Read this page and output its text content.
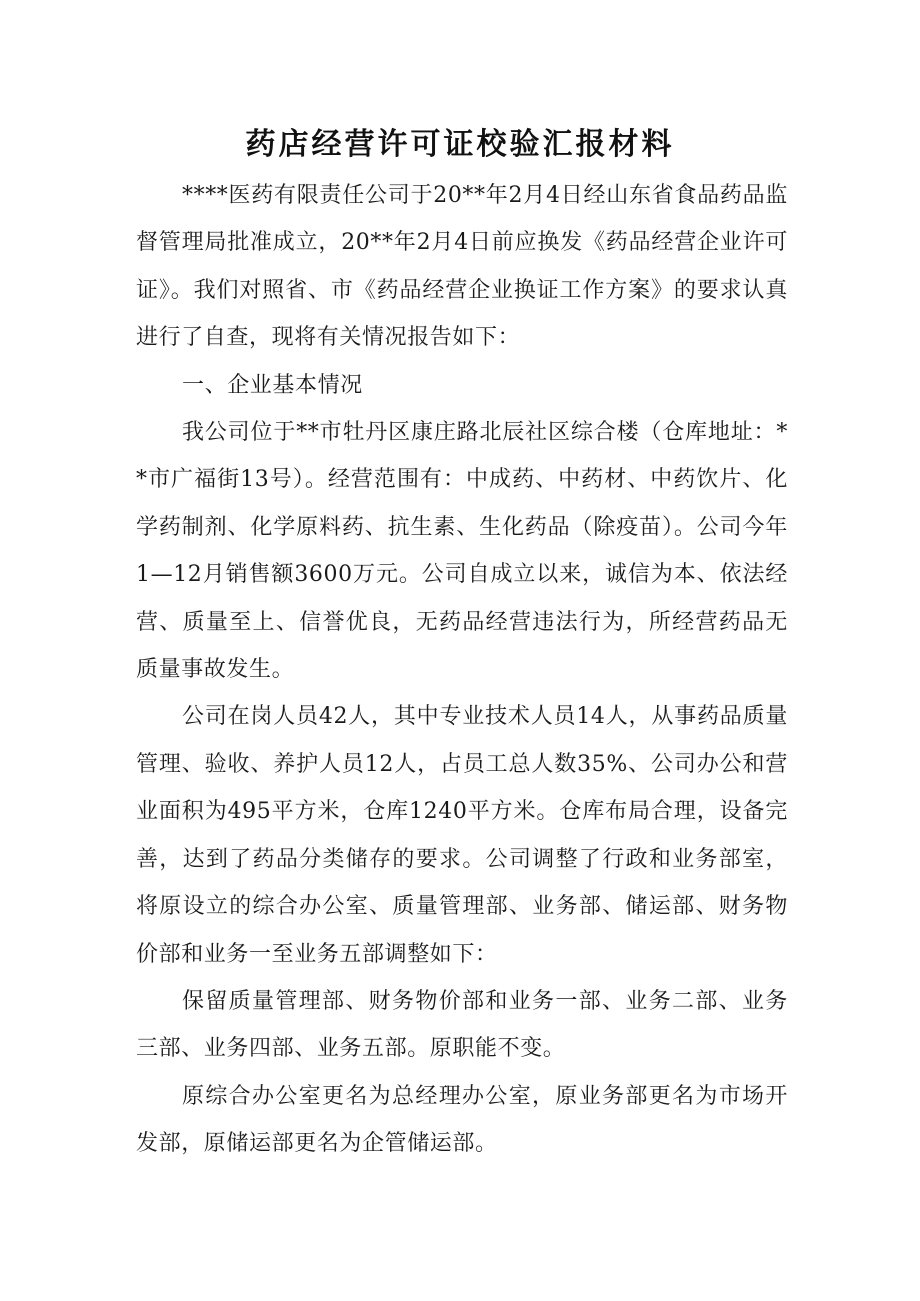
药店经营许可证校验汇报材料

****医药有限责任公司于20**年2月4日经山东省食品药品监督管理局批准成立，20**年2月4日前应换发《药品经营企业许可证》。我们对照省、市《药品经营企业换证工作方案》的要求认真进行了自查，现将有关情况报告如下：

一、企业基本情况

我公司位于**市牡丹区康庄路北辰社区综合楼（仓库地址：**市广福街13号）。经营范围有：中成药、中药材、中药饮片、化学药制剂、化学原料药、抗生素、生化药品（除疫苗）。公司今年1—12月销售额3600万元。公司自成立以来，诚信为本、依法经营、质量至上、信誉优良，无药品经营违法行为，所经营药品无质量事故发生。

公司在岗人员42人，其中专业技术人员14人，从事药品质量管理、验收、养护人员12人，占员工总人数35%、公司办公和营业面积为495平方米，仓库1240平方米。仓库布局合理，设备完善，达到了药品分类储存的要求。公司调整了行政和业务部室，将原设立的综合办公室、质量管理部、业务部、储运部、财务物价部和业务一至业务五部调整如下：

保留质量管理部、财务物价部和业务一部、业务二部、业务三部、业务四部、业务五部。原职能不变。

原综合办公室更名为总经理办公室，原业务部更名为市场开发部，原储运部更名为企管储运部。
